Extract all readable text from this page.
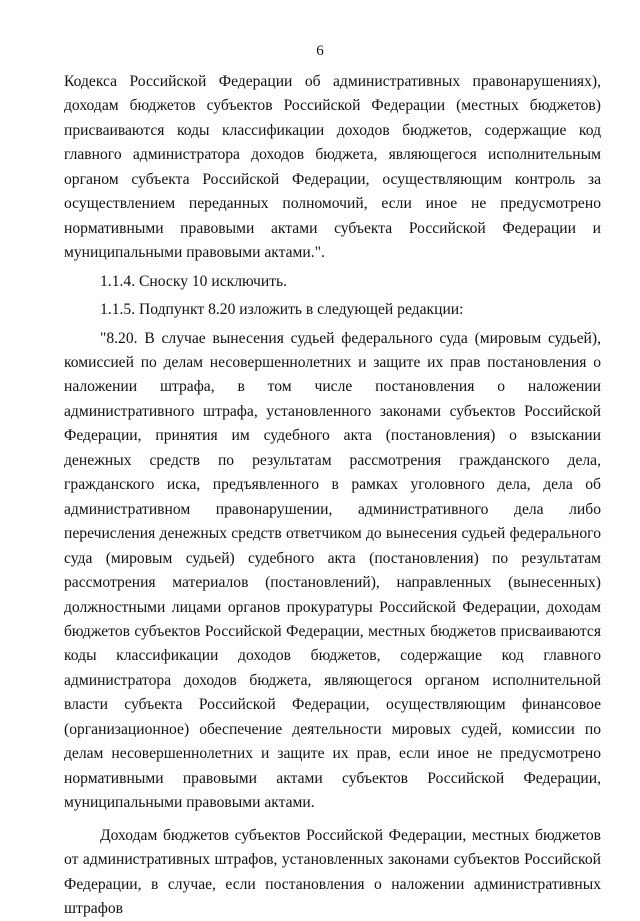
6

Кодекса Российской Федерации об административных правонарушениях), доходам бюджетов субъектов Российской Федерации (местных бюджетов) присваиваются коды классификации доходов бюджетов, содержащие код главного администратора доходов бюджета, являющегося исполнительным органом субъекта Российской Федерации, осуществляющим контроль за осуществлением переданных полномочий, если иное не предусмотрено нормативными правовыми актами субъекта Российской Федерации и муниципальными правовыми актами.".

1.1.4. Сноску 10 исключить.

1.1.5. Подпункт 8.20 изложить в следующей редакции:

"8.20. В случае вынесения судьей федерального суда (мировым судьей), комиссией по делам несовершеннолетних и защите их прав постановления о наложении штрафа, в том числе постановления о наложении административного штрафа, установленного законами субъектов Российской Федерации, принятия им судебного акта (постановления) о взыскании денежных средств по результатам рассмотрения гражданского дела, гражданского иска, предъявленного в рамках уголовного дела, дела об административном правонарушении, административного дела либо перечисления денежных средств ответчиком до вынесения судьей федерального суда (мировым судьей) судебного акта (постановления) по результатам рассмотрения материалов (постановлений), направленных (вынесенных) должностными лицами органов прокуратуры Российской Федерации, доходам бюджетов субъектов Российской Федерации, местных бюджетов присваиваются коды классификации доходов бюджетов, содержащие код главного администратора доходов бюджета, являющегося органом исполнительной власти субъекта Российской Федерации, осуществляющим финансовое (организационное) обеспечение деятельности мировых судей, комиссии по делам несовершеннолетних и защите их прав, если иное не предусмотрено нормативными правовыми актами субъектов Российской Федерации, муниципальными правовыми актами.

Доходам бюджетов субъектов Российской Федерации, местных бюджетов от административных штрафов, установленных законами субъектов Российской Федерации, в случае, если постановления о наложении административных штрафов
